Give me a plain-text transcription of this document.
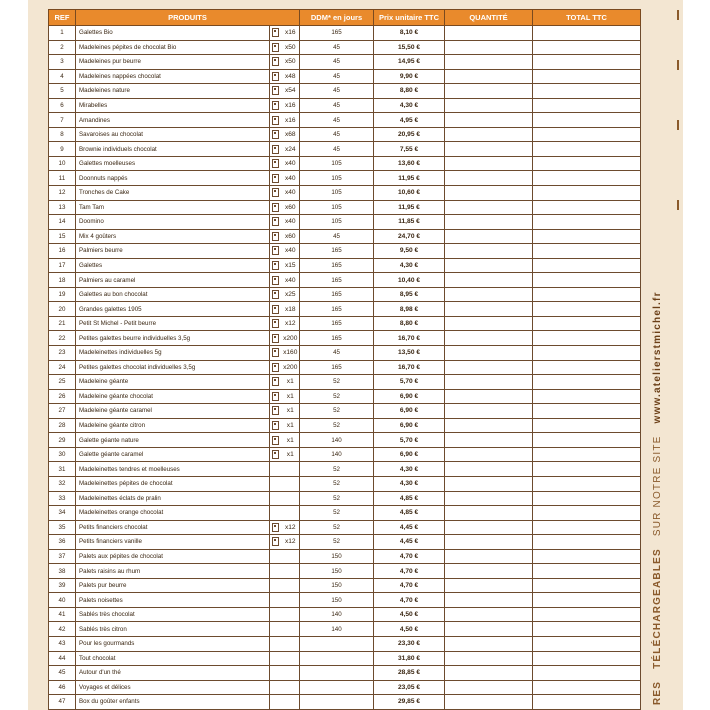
REF	PRODUITS			DDM* en jours	Prix unitaire TTC	QUANTITÉ	TOTAL TTC
1	Galettes Bio		x16	165	8,10 €		
2	Madeleines pépites de chocolat Bio		x50	45	15,50 €		
3	Madeleines pur beurre		x50	45	14,95 €		
4	Madeleines nappées chocolat		x48	45	9,90 €		
5	Madeleines nature		x54	45	8,80 €		
6	Mirabelles		x16	45	4,30 €		
7	Amandines		x16	45	4,95 €		
8	Savaroises au chocolat		x68	45	20,95 €		
9	Brownie individuels chocolat		x24	45	7,55 €		
10	Galettes moelleuses		x40	105	13,60 €		
11	Doonnuts nappés		x40	105	11,95 €		
12	Tronches de Cake		x40	105	10,60 €		
13	Tam Tam		x60	105	11,95 €		
14	Doomino		x40	105	11,85 €		
15	Mix 4 goûters		x60	45	24,70 €		
16	Palmiers beurre		x40	165	9,50 €		
17	Galettes		x15	165	4,30 €		
18	Palmiers au caramel		x40	165	10,40 €		
19	Galettes au bon chocolat		x25	165	8,95 €		
20	Grandes galettes 1905		x18	165	8,98 €		
21	Petit St Michel - Petit beurre		x12	165	8,80 €		
22	Petites galettes beurre individuelles 3,5g		x200	165	16,70 €		
23	Madeleinettes individuelles 5g		x160	45	13,50 €		
24	Petites galettes chocolat individuelles 3,5g		x200	165	16,70 €		
25	Madeleine géante		x1	52	5,70 €		
26	Madeleine géante chocolat		x1	52	6,90 €		
27	Madeleine géante caramel		x1	52	6,90 €		
28	Madeleine géante citron		x1	52	6,90 €		
29	Galette géante nature		x1	140	5,70 €		
30	Galette géante caramel		x1	140	6,90 €		
31	Madeleinettes tendres et moelleuses			52	4,30 €		
32	Madeleinettes pépites de chocolat			52	4,30 €		
33	Madeleinettes éclats de pralin			52	4,85 €		
34	Madeleinettes orange chocolat			52	4,85 €		
35	Petits financiers chocolat		x12	52	4,45 €		
36	Petits financiers vanille		x12	52	4,45 €		
37	Palets aux pépites de chocolat			150	4,70 €		
38	Palets raisins au rhum			150	4,70 €		
39	Palets pur beurre			150	4,70 €		
40	Palets noisettes			150	4,70 €		
41	Sablés très chocolat			140	4,50 €		
42	Sablés très citron			140	4,50 €		
43	Pour les gourmands				23,30 €		
44	Tout chocolat				31,80 €		
45	Autour d'un thé				28,85 €		
46	Voyages et délices				23,05 €		
47	Box du goûter enfants				29,85 €			RES   TÉLÉCHARGEABLES   SUR NOTRE SITE   www.atelierstmichel.fr
